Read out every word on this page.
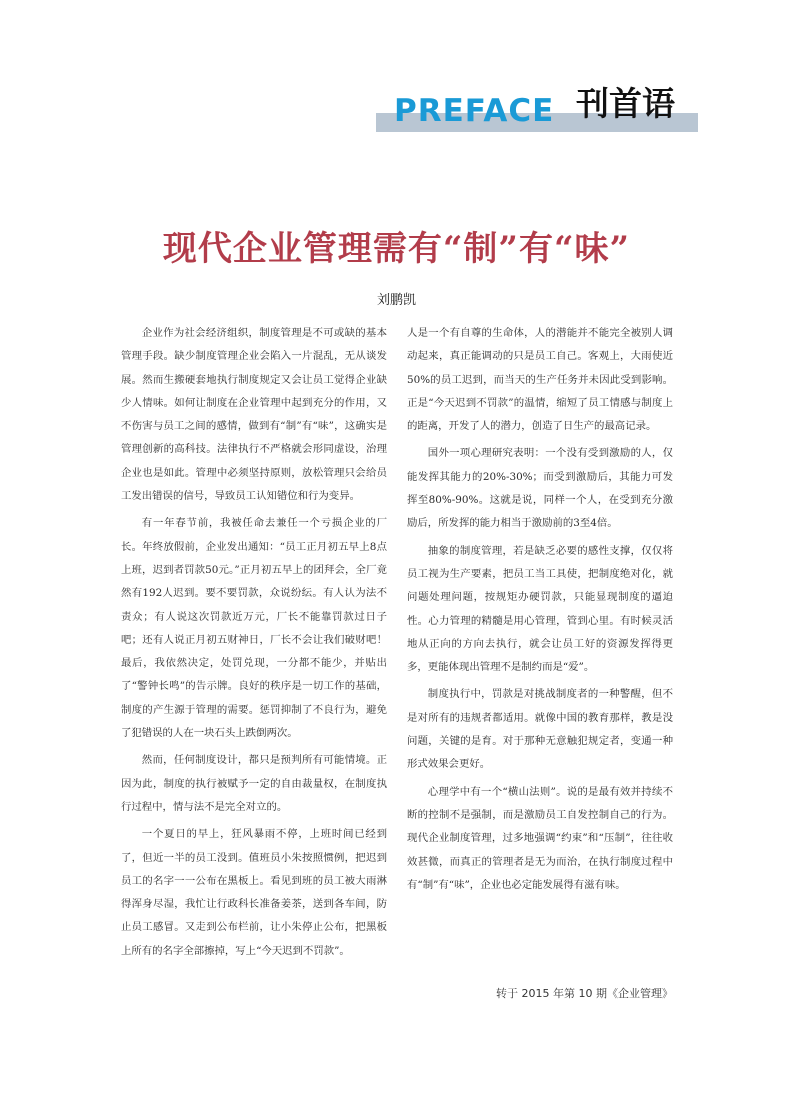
PREFACE 刊首语
现代企业管理需有“制”有“味”
刘鹏凯

企业作为社会经济组织，制度管理是不可或缺的基本管理手段。缺少制度管理企业会陷入一片混乱，无从谈发展。然而生搬硬套地执行制度规定又会让员工觉得企业缺少人情味。如何让制度在企业管理中起到充分的作用，又不伤害与员工之间的感情，做到有“制”有“味”，这确实是管理创新的高科技。法律执行不严格就会形同虚设，治理企业也是如此。管理中必须坚持原则，放松管理只会给员工发出错误的信号，导致员工认知错位和行为变异。

有一年春节前，我被任命去兼任一个亏损企业的厂长。年终放假前，企业发出通知：“员工正月初五早上8点上班，迟到者罚款50元。”正月初五早上的团拜会，全厂竟然有192人迟到。要不要罚款，众说纷纭。有人认为法不责众；有人说这次罚款近万元，厂长不能靠罚款过日子吧；还有人说正月初五财神日，厂长不会让我们破财吧！最后，我依然决定，处罚兑现，一分都不能少，并贴出了“警钟长鸣”的告示牌。良好的秩序是一切工作的基础，制度的产生源于管理的需要。惩罚抑制了不良行为，避免了犯错误的人在一块石头上跌倒两次。

然而，任何制度设计，都只是预判所有可能情境。正因为此，制度的执行被赋予一定的自由裁量权，在制度执行过程中，情与法不是完全对立的。

一个夏日的早上，狂风暴雨不停，上班时间已经到了，但近一半的员工没到。值班员小朱按照惯例，把迟到员工的名字一一公布在黑板上。看见到班的员工被大雨淋得浑身尽湿，我忙让行政科长准备姜茶，送到各车间，防止员工感冒。又走到公布栏前，让小朱停止公布，把黑板上所有的名字全部擦掉，写上“今天迟到不罚款”。

人是一个有自尊的生命体，人的潜能并不能完全被别人调动起来，真正能调动的只是员工自己。客观上，大雨使近50%的员工迟到，而当天的生产任务并未因此受到影响。正是“今天迟到不罚款”的温情，缩短了员工情感与制度上的距离，开发了人的潜力，创造了日生产的最高记录。

国外一项心理研究表明：一个没有受到激励的人，仅能发挥其能力的20%-30%；而受到激励后，其能力可发挥至80%-90%。这就是说，同样一个人，在受到充分激励后，所发挥的能力相当于激励前的3至4倍。

抽象的制度管理，若是缺乏必要的感性支撑，仅仅将员工视为生产要素，把员工当工具使，把制度绝对化，就问题处理问题，按规矩办硬罚款，只能显现制度的逼迫性。心力管理的精髓是用心管理，管到心里。有时候灵活地从正向的方向去执行，就会让员工好的资源发挥得更多，更能体现出管理不是制约而是“爱”。

制度执行中，罚款是对挑战制度者的一种警醒，但不是对所有的违规者都适用。就像中国的教育那样，教是没问题，关键的是育。对于那种无意触犯规定者，变通一种形式效果会更好。

心理学中有一个“横山法则”。说的是最有效并持续不断的控制不是强制，而是激励员工自发控制自己的行为。现代企业制度管理，过多地强调“约束”和“压制”，往往收效甚微，而真正的管理者是无为而治，在执行制度过程中有“制”有“味”，企业也必定能发展得有滋有味。

转于 2015 年第 10 期《企业管理》
